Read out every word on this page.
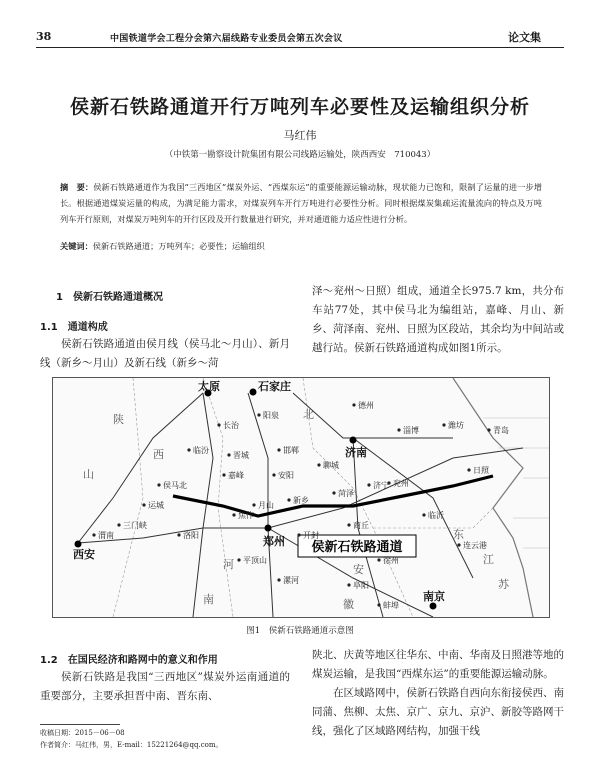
38	中国铁道学会工程分会第六届线路专业委员会第五次会议	论文集
侯新石铁路通道开行万吨列车必要性及运输组织分析
马红伟
（中铁第一勘察设计院集团有限公司线路运输处，陕西西安　710043）
摘　要：侯新石铁路通道作为我国“三西地区”煤炭外运、“西煤东运”的重要能源运输动脉，现状能力已饱和，限制了运量的进一步增长。根据通道煤炭运量的构成，为满足能力需求，对煤炭列车开行万吨进行必要性分析。同时根据煤炭集疏运流量流向的特点及万吨列车开行原则，对煤炭万吨列车的开行区段及开行数量进行研究，并对通道能力适应性进行分析。
关键词：侯新石铁路通道；万吨列车；必要性；运输组织
1　侯新石铁路通道概况
1.1　通道构成
侯新石铁路通道由侯月线（侯马北～月山）、新月线（新乡～月山）及新石线（新乡～菏
泽～兖州～日照）组成，通道全长975.7 km，共分布车站77处，其中侯马北为编组站，嘉峰、月山、新乡、菏泽南、兖州、日照为区段站，其余均为中间站或越行站。侯新石铁路通道构成如图1所示。
侯新石铁路通道
太原	石家庄
济南
郑州
西安
南京
临汾
侯马北
嘉峰
月山
新乡
菏泽
兖州
日照
运城
焦作
开封
商丘
徐州
淄博
潍坊
青岛
临沂
连云港
德州
邯郸
安阳
洛阳
平顶山
阜阳
蚌埠
漯河
三门峡
渭南
长治
晋城
阳泉
聊城
济宁
陕
山
西
河
南
东
江
苏
安
徽
北
图1　侯新石铁路通道示意图
1.2　在国民经济和路网中的意义和作用
侯新石铁路是我国“三西地区”煤炭外运南通道的重要部分，主要承担晋中南、晋东南、
陕北、庆黄等地区往华东、中南、华南及日照港等地的煤炭运输，是我国“西煤东运”的重要能源运输动脉。
在区域路网中，侯新石铁路自西向东衔接侯西、南同蒲、焦柳、太焦、京广、京九、京沪、新胶等路网干线，强化了区域路网结构，加强干线
收稿日期：2015－06－08
作者简介：马红伟，男，E-mail：15221264@qq.com。
